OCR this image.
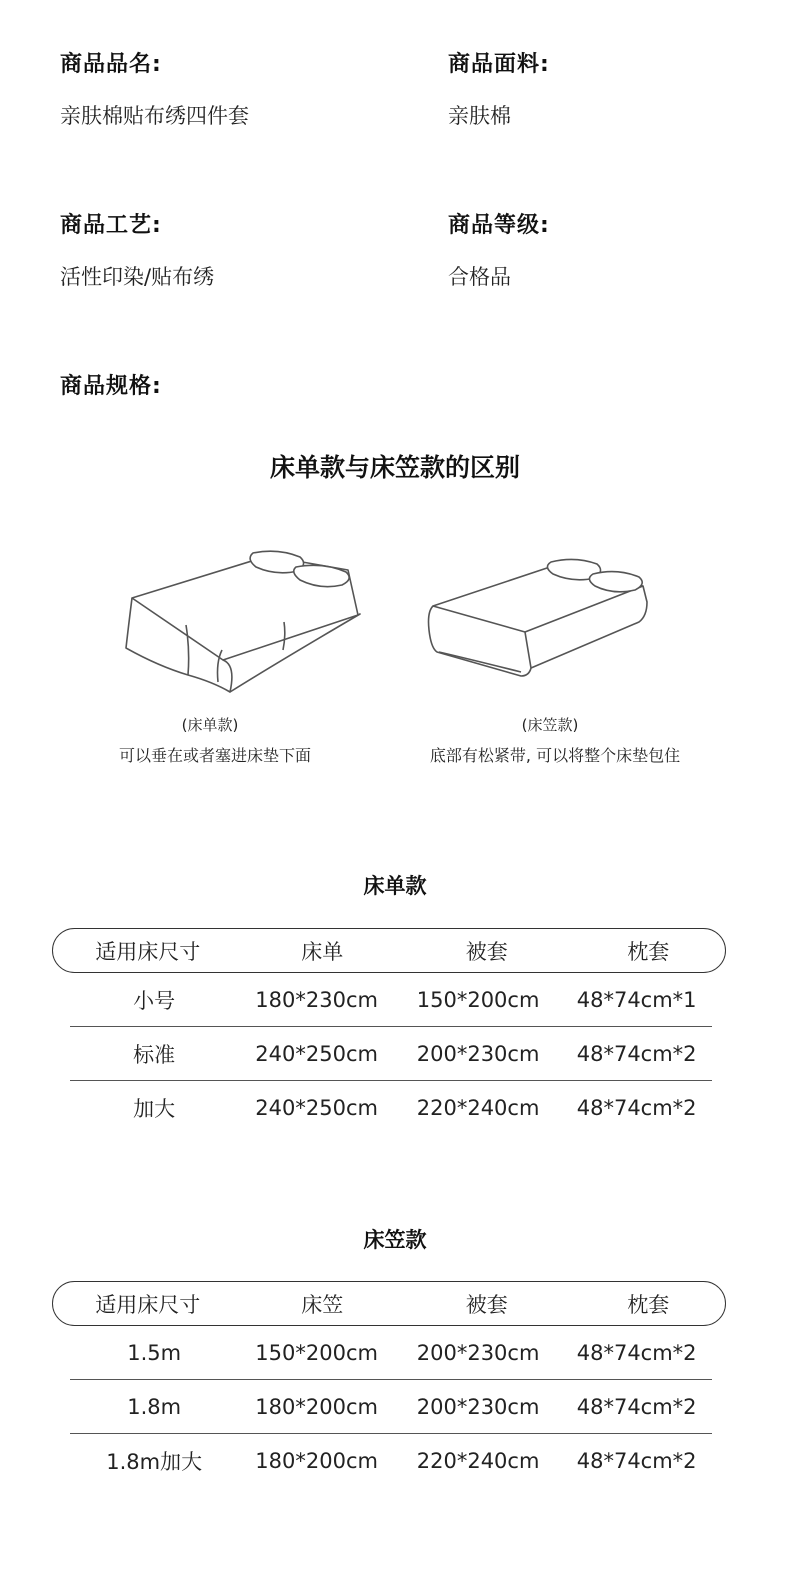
商品品名:
亲肤棉贴布绣四件套
商品面料:
亲肤棉
商品工艺:
活性印染/贴布绣
商品等级:
合格品
商品规格:
床单款与床笠款的区别
(床单款)
可以垂在或者塞进床垫下面
(床笠款)
底部有松紧带, 可以将整个床垫包住
床单款
适用床尺寸	床单	被套	枕套
小号	180*230cm	150*200cm	48*74cm*1
标准	240*250cm	200*230cm	48*74cm*2
加大	240*250cm	220*240cm	48*74cm*2
床笠款
适用床尺寸	床笠	被套	枕套
1.5m	150*200cm	200*230cm	48*74cm*2
1.8m	180*200cm	200*230cm	48*74cm*2
1.8m加大	180*200cm	220*240cm	48*74cm*2
